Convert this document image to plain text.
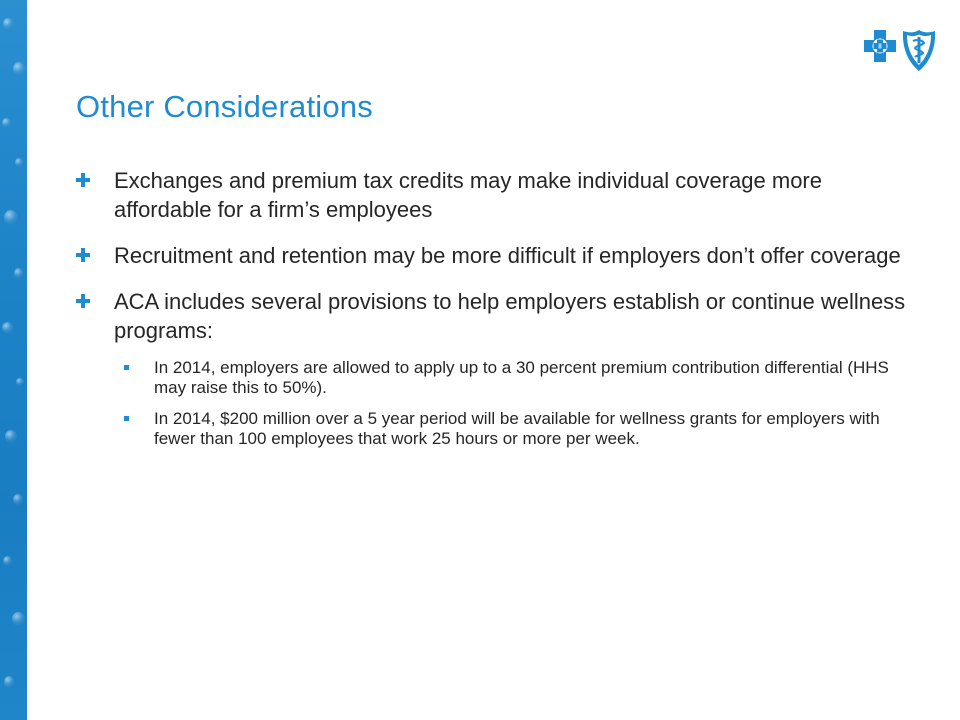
Other Considerations
Exchanges and premium tax credits may make individual coverage more affordable for a firm’s employees
Recruitment and retention may be more difficult if employers don’t offer coverage
ACA includes several provisions to help employers establish or continue wellness programs:
In 2014, employers are allowed to apply up to a 30 percent premium contribution differential (HHS may raise this to 50%).
In 2014, $200 million over a 5 year period will be available for wellness grants for employers with fewer than 100 employees that work 25 hours or more per week.
